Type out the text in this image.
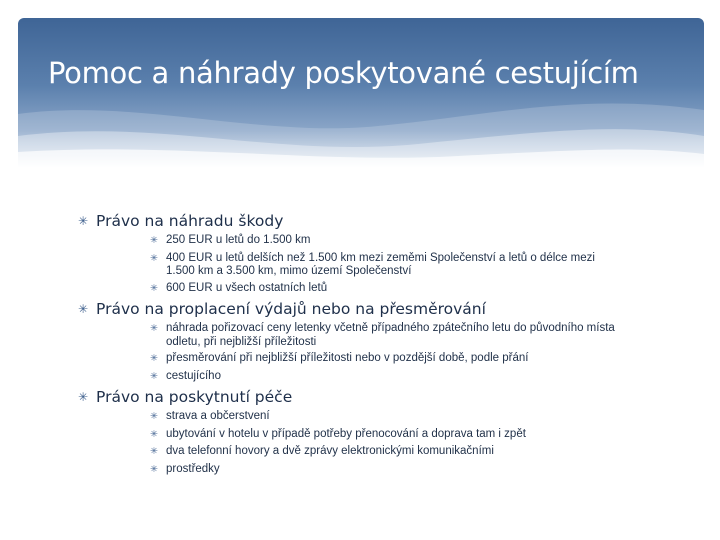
Pomoc a náhrady poskytované cestujícím
✳ Právo na náhradu škody
✳ 250 EUR u letů do 1.500 km
✳ 400 EUR u letů delších než 1.500 km mezi zeměmi Společenství a letů o délce mezi 1.500 km a 3.500 km, mimo území Společenství
✳ 600 EUR u všech ostatních letů
✳ Právo na proplacení výdajů nebo na přesměrování
✳ náhrada pořizovací ceny letenky včetně případného zpátečního letu do původního místa odletu, při nejbližší příležitosti
✳ přesměrování při nejbližší příležitosti nebo v pozdější době, podle přání
✳ cestujícího
✳ Právo na poskytnutí péče
✳ strava a občerstvení
✳ ubytování v hotelu v případě potřeby přenocování a doprava tam i zpět
✳ dva telefonní hovory a dvě zprávy elektronickými komunikačními
✳ prostředky
